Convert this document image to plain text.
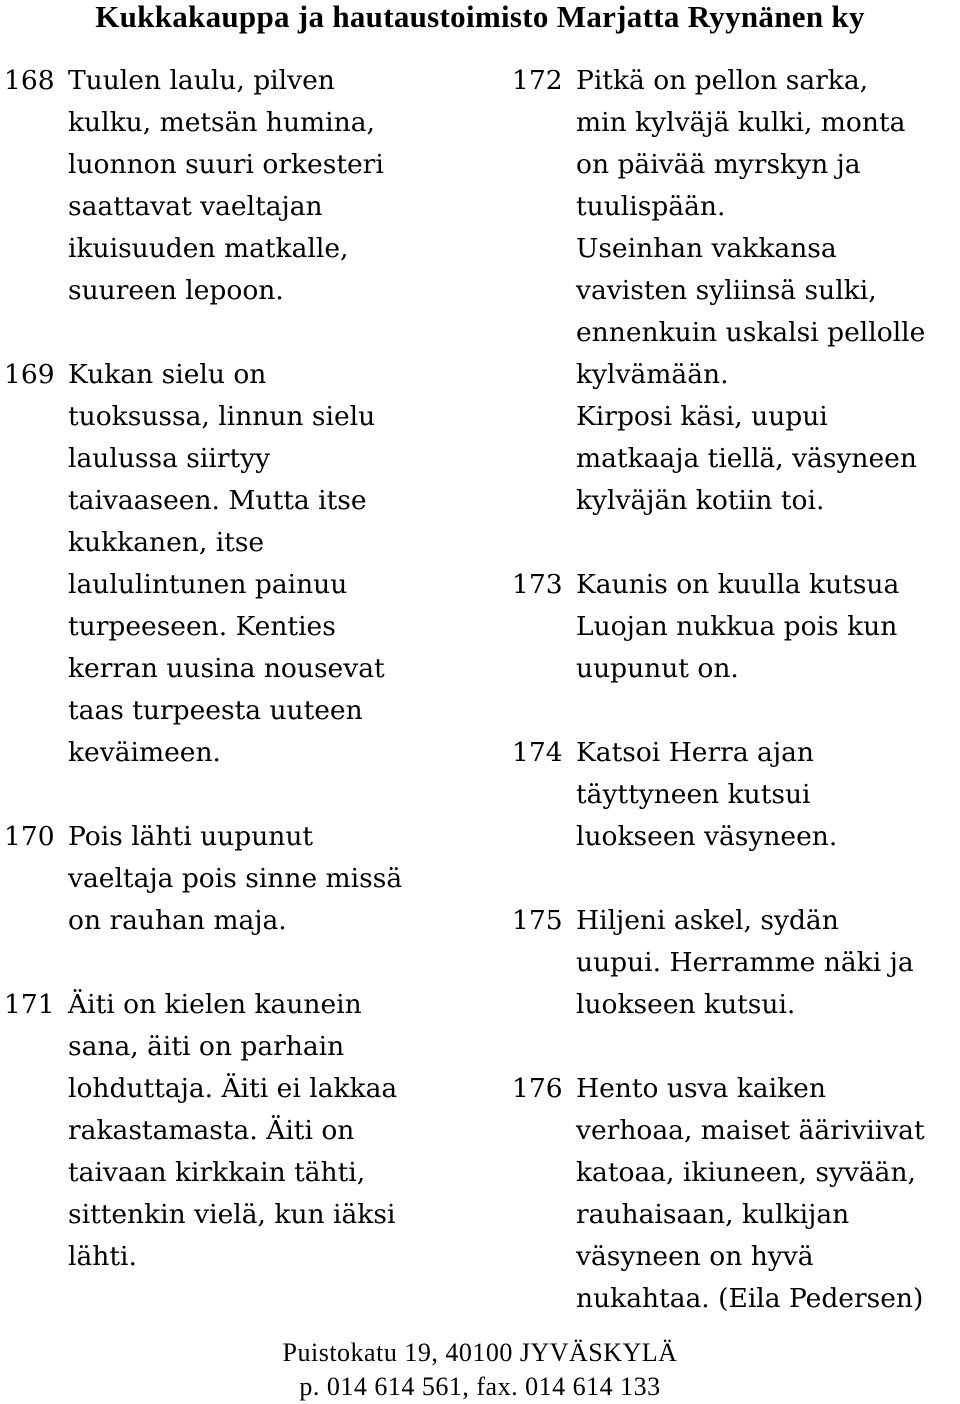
Kukkakauppa ja hautaustoimisto Marjatta Ryynänen ky
168 Tuulen laulu, pilven
kulku, metsän humina,
luonnon suuri orkesteri
saattavat vaeltajan
ikuisuuden matkalle,
suureen lepoon.
169 Kukan sielu on
tuoksussa, linnun sielu
laulussa siirtyy
taivaaseen. Mutta itse
kukkanen, itse
laululintunen painuu
turpeeseen. Kenties
kerran uusina nousevat
taas turpeesta uuteen
keväimeen.
170 Pois lähti uupunut
vaeltaja pois sinne missä
on rauhan maja.
171 Äiti on kielen kaunein
sana, äiti on parhain
lohduttaja. Äiti ei lakkaa
rakastamasta. Äiti on
taivaan kirkkain tähti,
sittenkin vielä, kun iäksi
lähti.
172 Pitkä on pellon sarka,
min kylväjä kulki, monta
on päivää myrskyn ja
tuulispään.
Useinhan vakkansa
vavisten syliinsä sulki,
ennenkuin uskalsi pellolle
kylvämään.
Kirposi käsi, uupui
matkaaja tiellä, väsyneen
kylväjän kotiin toi.
173 Kaunis on kuulla kutsua
Luojan nukkua pois kun
uupunut on.
174 Katsoi Herra ajan
täyttyneen kutsui
luokseen väsyneen.
175 Hiljeni askel, sydän
uupui. Herramme näki ja
luokseen kutsui.
176 Hento usva kaiken
verhoaa, maiset ääriviivat
katoaa, ikiuneen, syvään,
rauhaisaan, kulkijan
väsyneen on hyvä
nukahtaa. (Eila Pedersen)
Puistokatu 19, 40100 JYVÄSKYLÄ
p. 014 614 561, fax. 014 614 133
